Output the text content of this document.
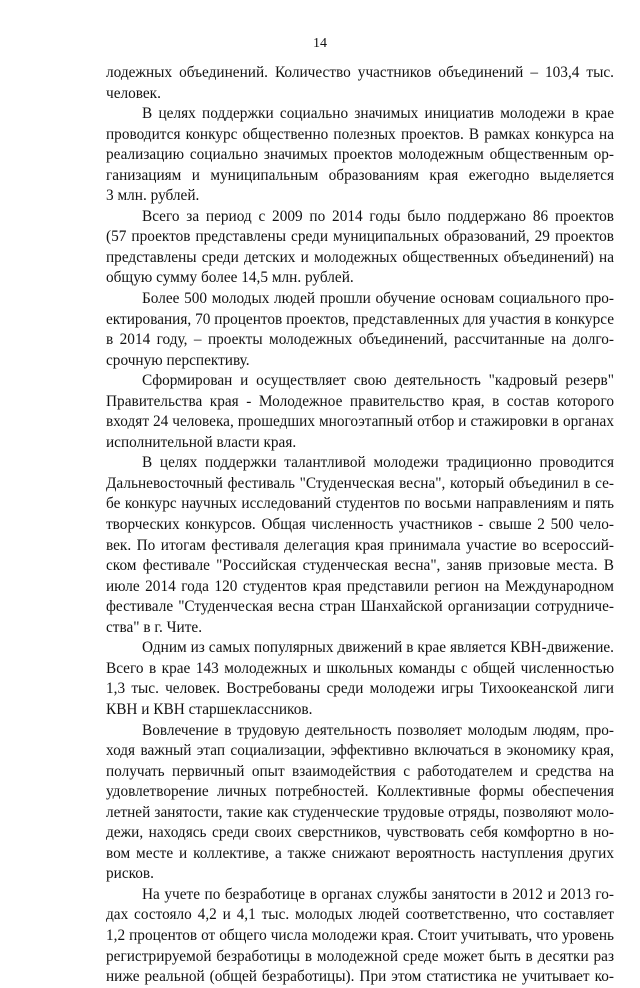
14
лодежных объединений. Количество участников объединений – 103,4 тыс.
человек.
В целях поддержки социально значимых инициатив молодежи в крае
проводится конкурс общественно полезных проектов. В рамках конкурса на
реализацию социально значимых проектов молодежным общественным ор-
ганизациям и муниципальным образованиям края ежегодно выделяется
3 млн. рублей.
Всего за период с 2009 по 2014 годы было поддержано 86 проектов
(57 проектов представлены среди муниципальных образований, 29 проектов
представлены среди детских и молодежных общественных объединений) на
общую сумму более 14,5 млн. рублей.
Более 500 молодых людей прошли обучение основам социального про-
ектирования, 70 процентов проектов, представленных для участия в конкурсе
в 2014 году, – проекты молодежных объединений, рассчитанные на долго-
срочную перспективу.
Сформирован и осуществляет свою деятельность "кадровый резерв"
Правительства края - Молодежное правительство края, в состав которого
входят 24 человека, прошедших многоэтапный отбор и стажировки в органах
исполнительной власти края.
В целях поддержки талантливой молодежи традиционно проводится
Дальневосточный фестиваль "Студенческая весна", который объединил в се-
бе конкурс научных исследований студентов по восьми направлениям и пять
творческих конкурсов. Общая численность участников - свыше 2 500 чело-
век. По итогам фестиваля делегация края принимала участие во всероссий-
ском фестивале "Российская студенческая весна", заняв призовые места. В
июле 2014 года 120 студентов края представили регион на Международном
фестивале "Студенческая весна стран Шанхайской организации сотрудниче-
ства" в г. Чите.
Одним из самых популярных движений в крае является КВН-движение.
Всего в крае 143 молодежных и школьных команды с общей численностью
1,3 тыс. человек. Востребованы среди молодежи игры Тихоокеанской лиги
КВН и КВН старшеклассников.
Вовлечение в трудовую деятельность позволяет молодым людям, про-
ходя важный этап социализации, эффективно включаться в экономику края,
получать первичный опыт взаимодействия с работодателем и средства на
удовлетворение личных потребностей. Коллективные формы обеспечения
летней занятости, такие как студенческие трудовые отряды, позволяют моло-
дежи, находясь среди своих сверстников, чувствовать себя комфортно в но-
вом месте и коллективе, а также снижают вероятность наступления других
рисков.
На учете по безработице в органах службы занятости в 2012 и 2013 го-
дах состояло 4,2 и 4,1 тыс. молодых людей соответственно, что составляет
1,2 процентов от общего числа молодежи края. Стоит учитывать, что уровень
регистрируемой безработицы в молодежной среде может быть в десятки раз
ниже реальной (общей безработицы). При этом статистика не учитывает ко-
